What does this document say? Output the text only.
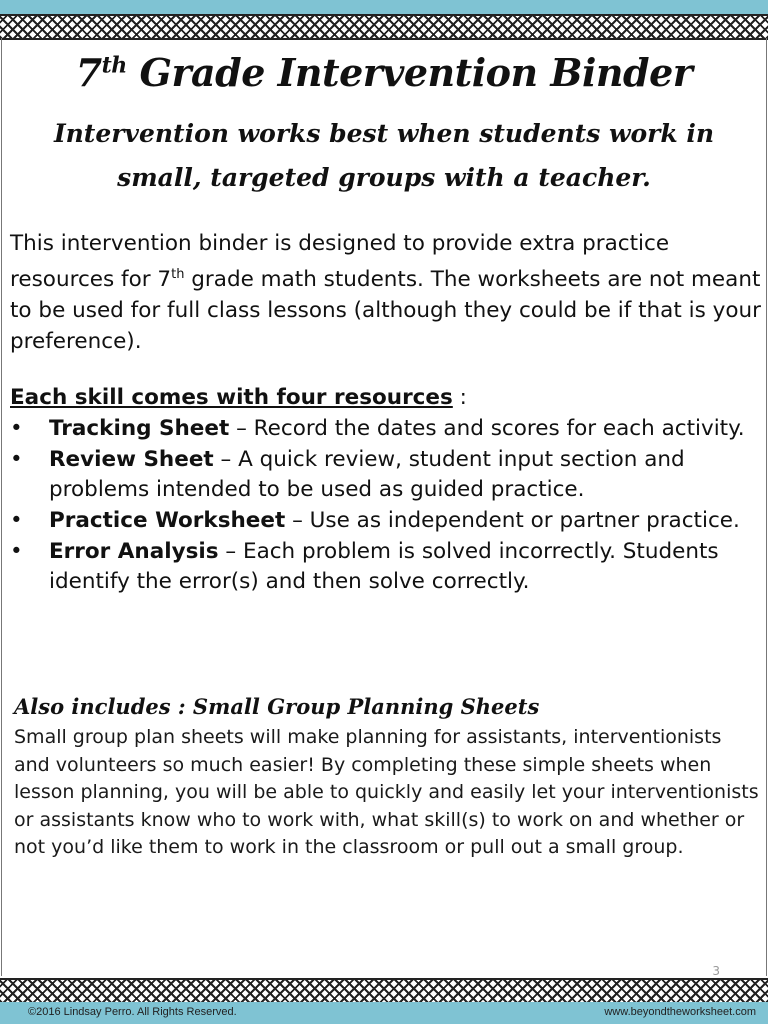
7th Grade Intervention Binder

Intervention works best when students work in small, targeted groups with a teacher.

This intervention binder is designed to provide extra practice resources for 7th grade math students. The worksheets are not meant to be used for full class lessons (although they could be if that is your preference).

Each skill comes with four resources :

• Tracking Sheet – Record the dates and scores for each activity.
• Review Sheet – A quick review, student input section and problems intended to be used as guided practice.
• Practice Worksheet – Use as independent or partner practice.
• Error Analysis – Each problem is solved incorrectly. Students identify the error(s) and then solve correctly.
Also includes : Small Group Planning Sheets

Small group plan sheets will make planning for assistants, interventionists and volunteers so much easier! By completing these simple sheets when lesson planning, you will be able to quickly and easily let your interventionists or assistants know who to work with, what skill(s) to work on and whether or not you’d like them to work in the classroom or pull out a small group.

3
©2016 Lindsay Perro. All Rights Reserved.	www.beyondtheworksheet.com
